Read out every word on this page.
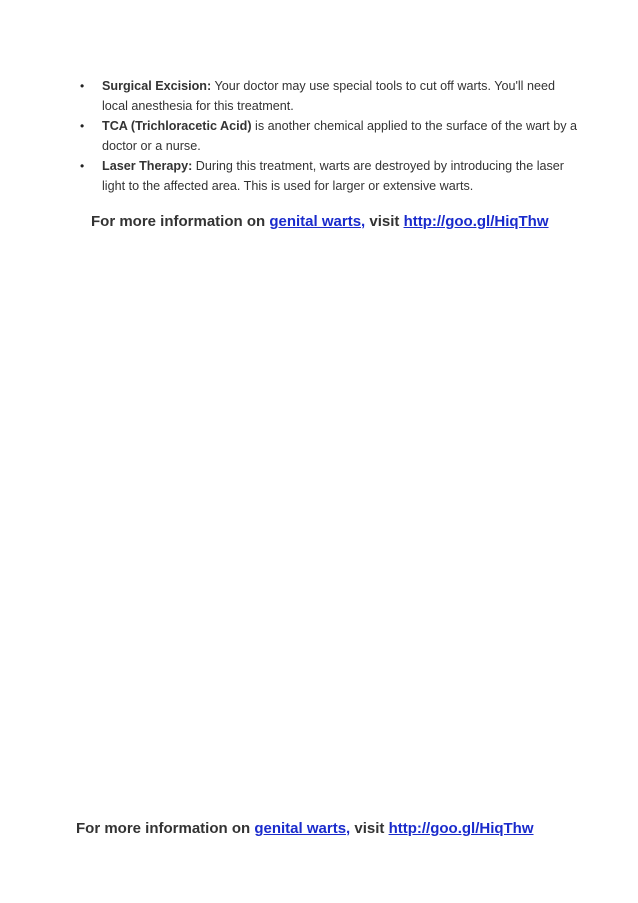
• Surgical Excision: Your doctor may use special tools to cut off warts. You'll need local anesthesia for this treatment.
• TCA (Trichloracetic Acid) is another chemical applied to the surface of the wart by a doctor or a nurse.
• Laser Therapy: During this treatment, warts are destroyed by introducing the laser light to the affected area. This is used for larger or extensive warts.
For more information on genital warts, visit http://goo.gl/HiqThw
For more information on genital warts, visit http://goo.gl/HiqThw
